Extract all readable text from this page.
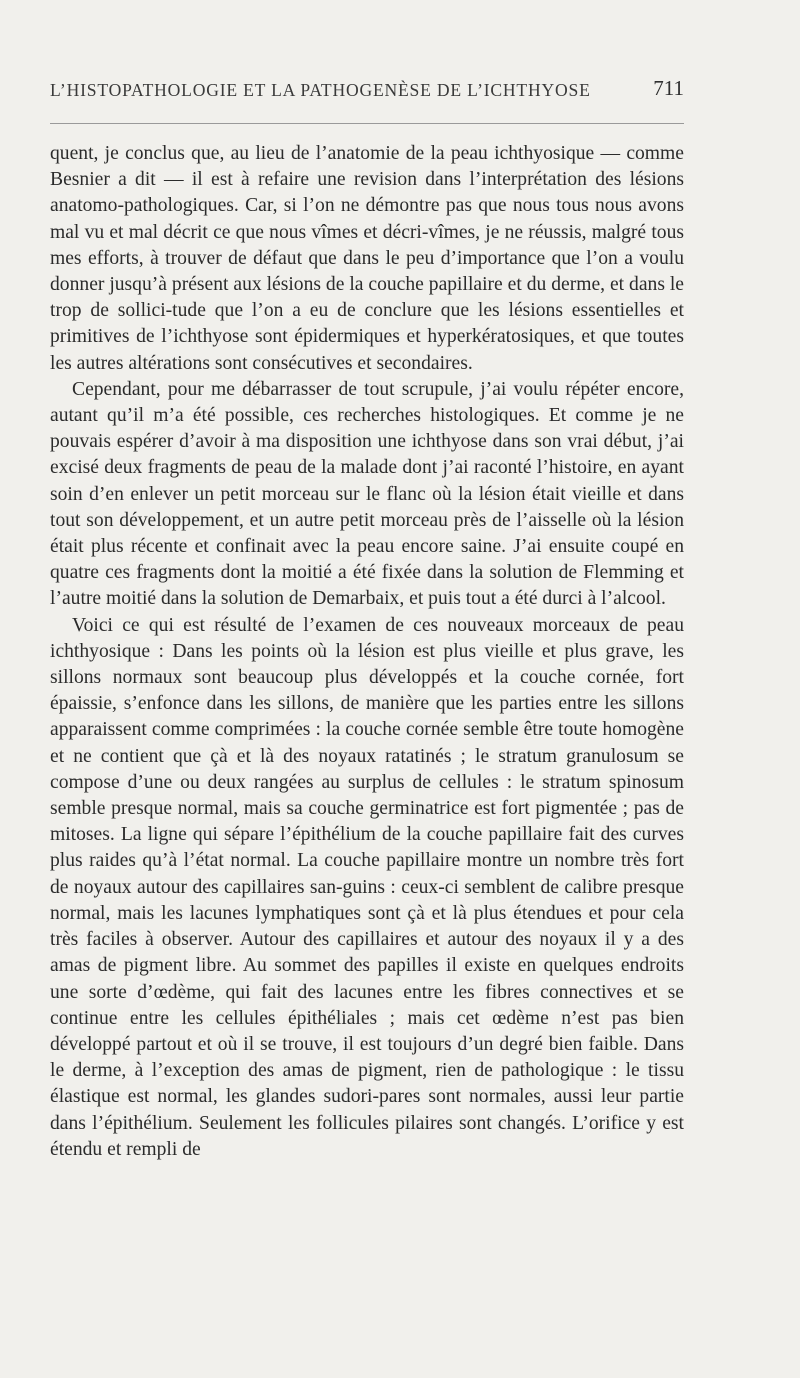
L’HISTOPATHOLOGIE ET LA PATHOGENÈSE DE L’ICHTHYOSE	711

quent, je conclus que, au lieu de l’anatomie de la peau ichthyosique — comme Besnier a dit — il est à refaire une revision dans l’interprétation des lésions anatomo-pathologiques. Car, si l’on ne démontre pas que nous tous nous avons mal vu et mal décrit ce que nous vîmes et décri-vîmes, je ne réussis, malgré tous mes efforts, à trouver de défaut que dans le peu d’importance que l’on a voulu donner jusqu’à présent aux lésions de la couche papillaire et du derme, et dans le trop de sollici-tude que l’on a eu de conclure que les lésions essentielles et primitives de l’ichthyose sont épidermiques et hyperkératosiques, et que toutes les autres altérations sont consécutives et secondaires.

Cependant, pour me débarrasser de tout scrupule, j’ai voulu répéter encore, autant qu’il m’a été possible, ces recherches histologiques. Et comme je ne pouvais espérer d’avoir à ma disposition une ichthyose dans son vrai début, j’ai excisé deux fragments de peau de la malade dont j’ai raconté l’histoire, en ayant soin d’en enlever un petit morceau sur le flanc où la lésion était vieille et dans tout son développement, et un autre petit morceau près de l’aisselle où la lésion était plus récente et confinait avec la peau encore saine. J’ai ensuite coupé en quatre ces fragments dont la moitié a été fixée dans la solution de Flemming et l’autre moitié dans la solution de Demarbaix, et puis tout a été durci à l’alcool.

Voici ce qui est résulté de l’examen de ces nouveaux morceaux de peau ichthyosique : Dans les points où la lésion est plus vieille et plus grave, les sillons normaux sont beaucoup plus développés et la couche cornée, fort épaissie, s’enfonce dans les sillons, de manière que les parties entre les sillons apparaissent comme comprimées : la couche cornée semble être toute homogène et ne contient que çà et là des noyaux ratatinés ; le stratum granulosum se compose d’une ou deux rangées au surplus de cellules : le stratum spinosum semble presque normal, mais sa couche germinatrice est fort pigmentée ; pas de mitoses. La ligne qui sépare l’épithélium de la couche papillaire fait des curves plus raides qu’à l’état normal. La couche papillaire montre un nombre très fort de noyaux autour des capillaires san-guins : ceux-ci semblent de calibre presque normal, mais les lacunes lymphatiques sont çà et là plus étendues et pour cela très faciles à observer. Autour des capillaires et autour des noyaux il y a des amas de pigment libre. Au sommet des papilles il existe en quelques endroits une sorte d’œdème, qui fait des lacunes entre les fibres connectives et se continue entre les cellules épithéliales ; mais cet œdème n’est pas bien développé partout et où il se trouve, il est toujours d’un degré bien faible. Dans le derme, à l’exception des amas de pigment, rien de pathologique : le tissu élastique est normal, les glandes sudori-pares sont normales, aussi leur partie dans l’épithélium. Seulement les follicules pilaires sont changés. L’orifice y est étendu et rempli de
